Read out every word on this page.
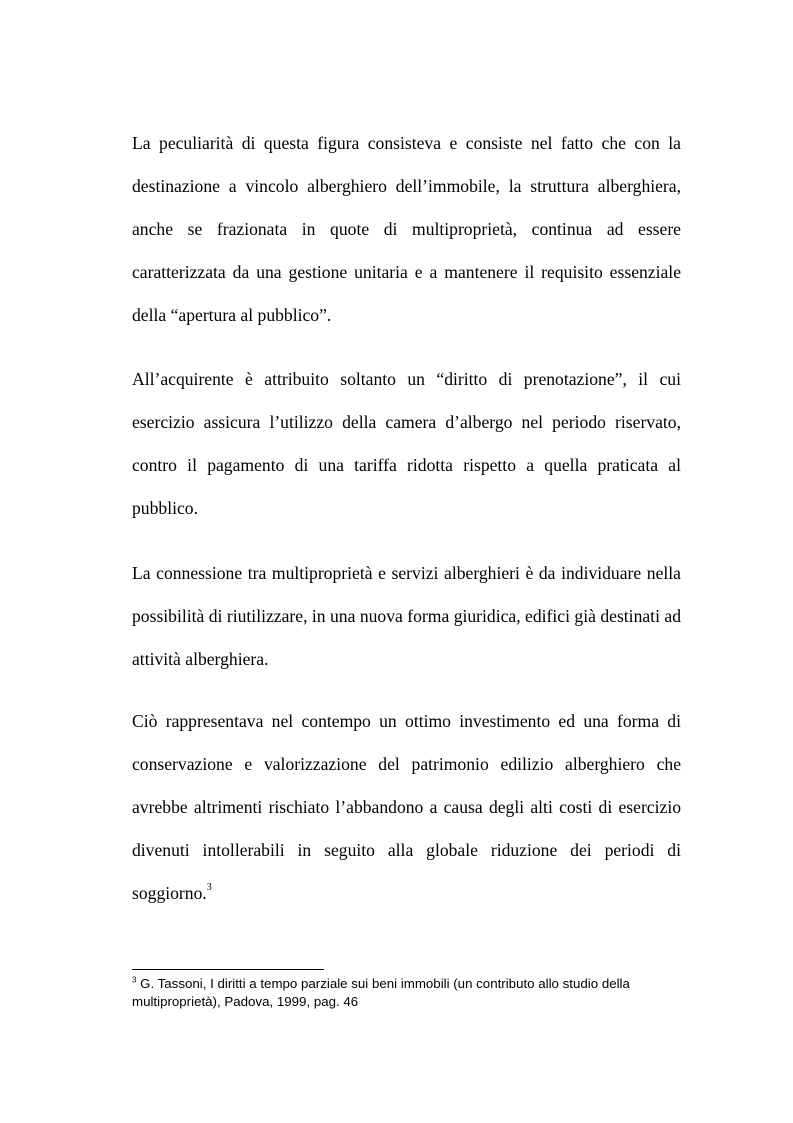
La peculiarità di questa figura consisteva e consiste nel fatto che con la destinazione a vincolo alberghiero dell’immobile, la struttura alberghiera, anche se frazionata in quote di multiproprietà, continua ad essere caratterizzata da una gestione unitaria e a mantenere il requisito essenziale della “apertura al pubblico”.

All’acquirente è attribuito soltanto un “diritto di prenotazione”, il cui esercizio assicura l’utilizzo della camera d’albergo nel periodo riservato, contro il pagamento di una tariffa ridotta rispetto a quella praticata al pubblico.

La connessione tra multiproprietà e servizi alberghieri è da individuare nella possibilità di riutilizzare, in una nuova forma giuridica, edifici già destinati ad attività alberghiera.

Ciò rappresentava nel contempo un ottimo investimento ed una forma di conservazione e valorizzazione del patrimonio edilizio alberghiero che avrebbe altrimenti rischiato l’abbandono a causa degli alti costi di esercizio divenuti intollerabili in seguito alla globale riduzione dei periodi di soggiorno.$^3$

$^3$ G. Tassoni, I diritti a tempo parziale sui beni immobili (un contributo allo studio della multiproprietà), Padova, 1999, pag. 46
